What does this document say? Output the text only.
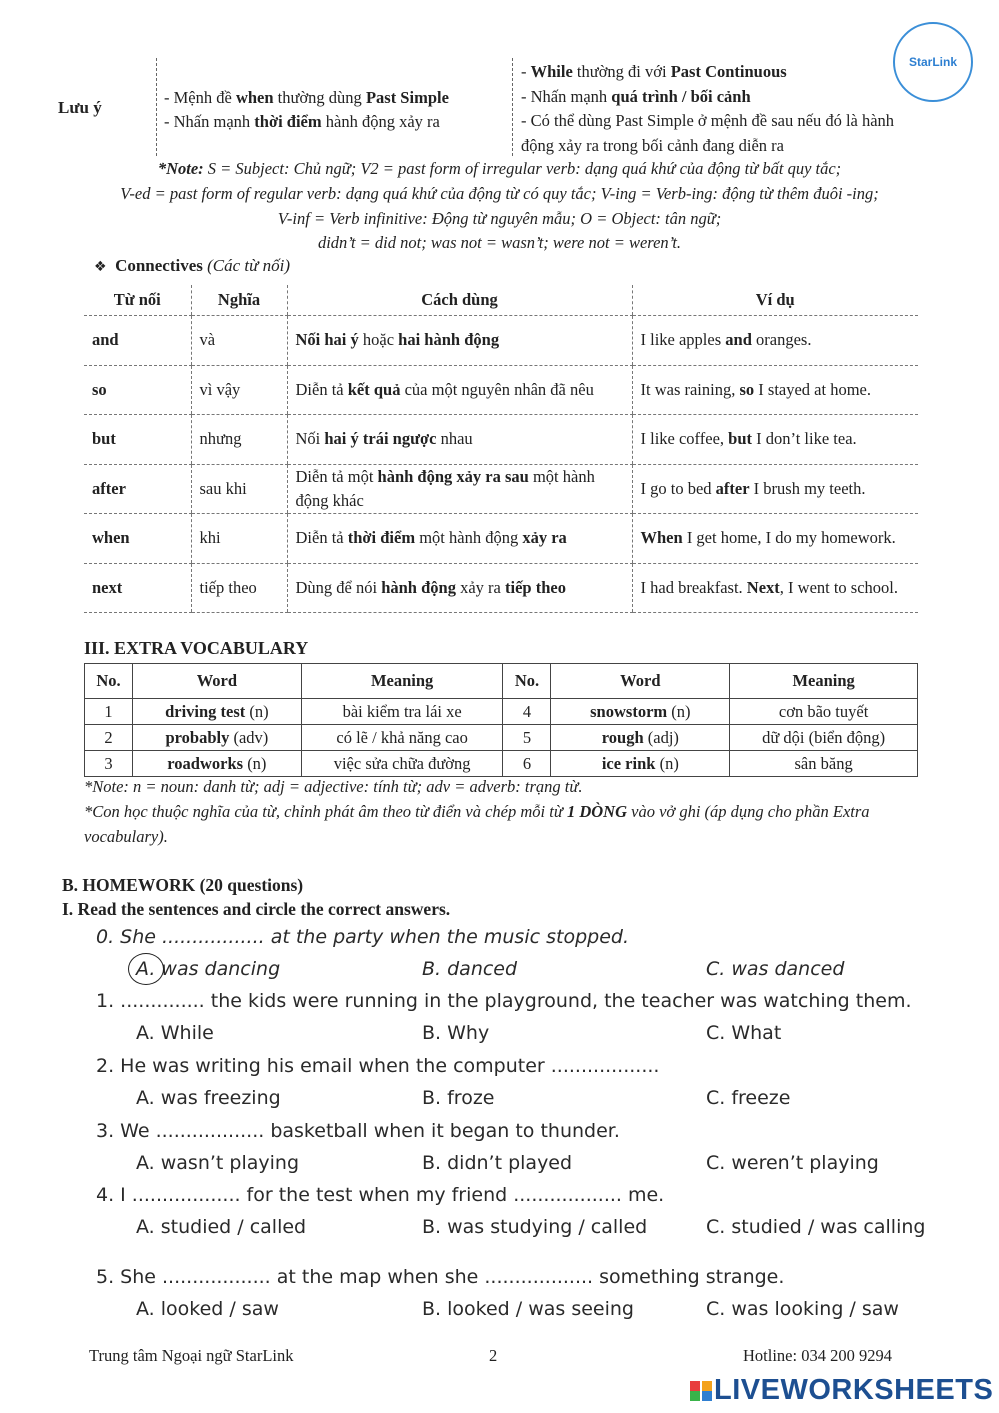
StarLink
Lưu ý
- Mệnh đề when thường dùng Past Simple
- Nhấn mạnh thời điểm hành động xảy ra
- While thường đi với Past Continuous
- Nhấn mạnh quá trình / bối cảnh
- Có thể dùng Past Simple ở mệnh đề sau nếu đó là hành
động xảy ra trong bối cảnh đang diễn ra
*Note: S = Subject: Chủ ngữ; V2 = past form of irregular verb: dạng quá khứ của động từ bất quy tắc;
V-ed = past form of regular verb: dạng quá khứ của động từ có quy tắc; V-ing = Verb-ing: động từ thêm đuôi -ing;
V-inf = Verb infinitive: Động từ nguyên mẫu; O = Object: tân ngữ;
didn’t = did not; was not = wasn’t; were not = weren’t.
❖ Connectives (Các từ nối)
Từ nối	Nghĩa	Cách dùng	Ví dụ
and	và	Nối hai ý hoặc hai hành động	I like apples and oranges.
so	vì vậy	Diễn tả kết quả của một nguyên nhân đã nêu	It was raining, so I stayed at home.
but	nhưng	Nối hai ý trái ngược nhau	I like coffee, but I don’t like tea.
after	sau khi	Diễn tả một hành động xảy ra sau một hành động khác	I go to bed after I brush my teeth.
when	khi	Diễn tả thời điểm một hành động xảy ra	When I get home, I do my homework.
next	tiếp theo	Dùng để nói hành động xảy ra tiếp theo	I had breakfast. Next, I went to school.
III. EXTRA VOCABULARY
No.	Word	Meaning	No.	Word	Meaning
1	driving test (n)	bài kiểm tra lái xe	4	snowstorm (n)	cơn bão tuyết
2	probably (adv)	có lẽ / khả năng cao	5	rough (adj)	dữ dội (biển động)
3	roadworks (n)	việc sửa chữa đường	6	ice rink (n)	sân băng
*Note: n = noun: danh từ; adj = adjective: tính từ; adv = adverb: trạng từ.
*Con học thuộc nghĩa của từ, chỉnh phát âm theo từ điển và chép mỗi từ 1 DÒNG vào vở ghi (áp dụng cho phần Extra vocabulary).
B. HOMEWORK (20 questions)
I. Read the sentences and circle the correct answers.
0. She ................. at the party when the music stopped.
A. was dancing	B. danced	C. was danced
1. .............. the kids were running in the playground, the teacher was watching them.
A. While	B. Why	C. What
2. He was writing his email when the computer ..................
A. was freezing	B. froze	C. freeze
3. We .................. basketball when it began to thunder.
A. wasn’t playing	B. didn’t played	C. weren’t playing
4. I .................. for the test when my friend .................. me.
A. studied / called	B. was studying / called	C. studied / was calling
5. She .................. at the map when she .................. something strange.
A. looked / saw	B. looked / was seeing	C. was looking / saw
Trung tâm Ngoại ngữ StarLink	2	Hotline: 034 200 9294
LIVEWORKSHEETS
